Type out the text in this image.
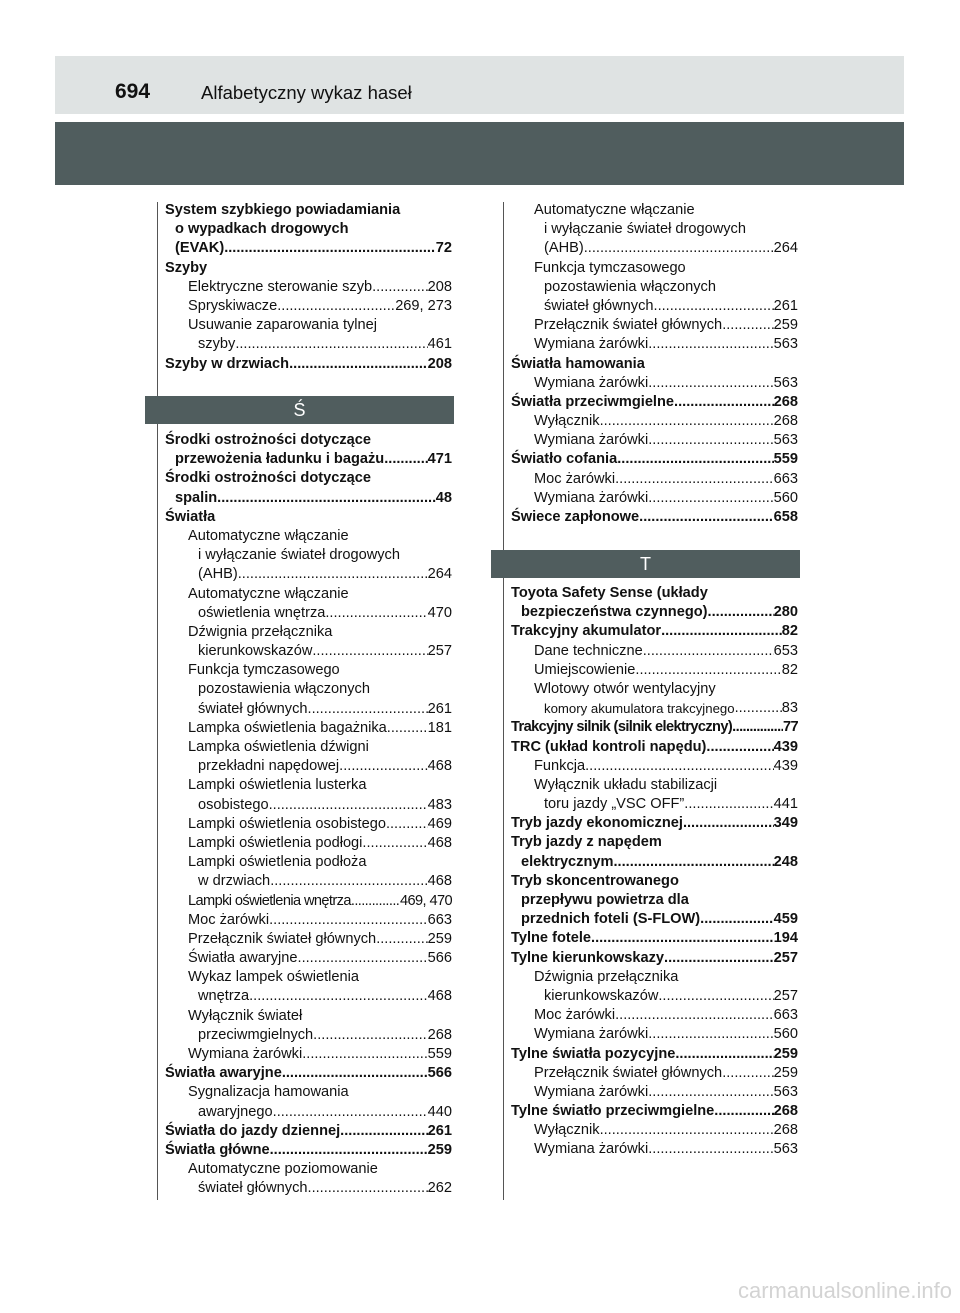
694	Alfabetyczny wykaz haseł
System szybkiego powiadamiania
o wypadkach drogowych
(EVAK) .....	72
Szyby
Elektryczne sterowanie szyb .....	208
Spryskiwacze .....	269, 273
Usuwanie zaparowania tylnej
szyby .....	461
Szyby w drzwiach .....	208
Ś
Środki ostrożności dotyczące
przewożenia ładunku i bagażu .....	471
Środki ostrożności dotyczące
spalin .....	48
Światła
Automatyczne włączanie
i wyłączanie świateł drogowych
(AHB) .....	264
Automatyczne włączanie
oświetlenia wnętrza .....	470
Dźwignia przełącznika
kierunkowskazów .....	257
Funkcja tymczasowego
pozostawienia włączonych
świateł głównych .....	261
Lampka oświetlenia bagażnika .....	181
Lampka oświetlenia dźwigni
przekładni napędowej .....	468
Lampki oświetlenia lusterka
osobistego .....	483
Lampki oświetlenia osobistego .....	469
Lampki oświetlenia podłogi .....	468
Lampki oświetlenia podłoża
w drzwiach .....	468
Lampki oświetlenia wnętrza .....	469, 470
Moc żarówki .....	663
Przełącznik świateł głównych .....	259
Światła awaryjne .....	566
Wykaz lampek oświetlenia
wnętrza .....	468
Wyłącznik świateł
przeciwmgielnych .....	268
Wymiana żarówki .....	559
Światła awaryjne .....	566
Sygnalizacja hamowania
awaryjnego .....	440
Światła do jazdy dziennej .....	261
Światła główne .....	259
Automatyczne poziomowanie
świateł głównych .....	262
Automatyczne włączanie
i wyłączanie świateł drogowych
(AHB) .....	264
Funkcja tymczasowego
pozostawienia włączonych
świateł głównych .....	261
Przełącznik świateł głównych .....	259
Wymiana żarówki .....	563
Światła hamowania
Wymiana żarówki .....	563
Światła przeciwmgielne .....	268
Wyłącznik .....	268
Wymiana żarówki .....	563
Światło cofania .....	559
Moc żarówki .....	663
Wymiana żarówki .....	560
Świece zapłonowe .....	658
T
Toyota Safety Sense (układy
bezpieczeństwa czynnego) .....	280
Trakcyjny akumulator .....	82
Dane techniczne .....	653
Umiejscowienie .....	82
Wlotowy otwór wentylacyjny
komory akumulatora trakcyjnego .....	83
Trakcyjny silnik (silnik elektryczny) .....	77
TRC (układ kontroli napędu) .....	439
Funkcja .....	439
Wyłącznik układu stabilizacji
toru jazdy „VSC OFF” .....	441
Tryb jazdy ekonomicznej .....	349
Tryb jazdy z napędem
elektrycznym .....	248
Tryb skoncentrowanego
przepływu powietrza dla
przednich foteli (S-FLOW) .....	459
Tylne fotele .....	194
Tylne kierunkowskazy .....	257
Dźwignia przełącznika
kierunkowskazów .....	257
Moc żarówki .....	663
Wymiana żarówki .....	560
Tylne światła pozycyjne .....	259
Przełącznik świateł głównych .....	259
Wymiana żarówki .....	563
Tylne światło przeciwmgielne .....	268
Wyłącznik .....	268
Wymiana żarówki .....	563
carmanualsonline.info
